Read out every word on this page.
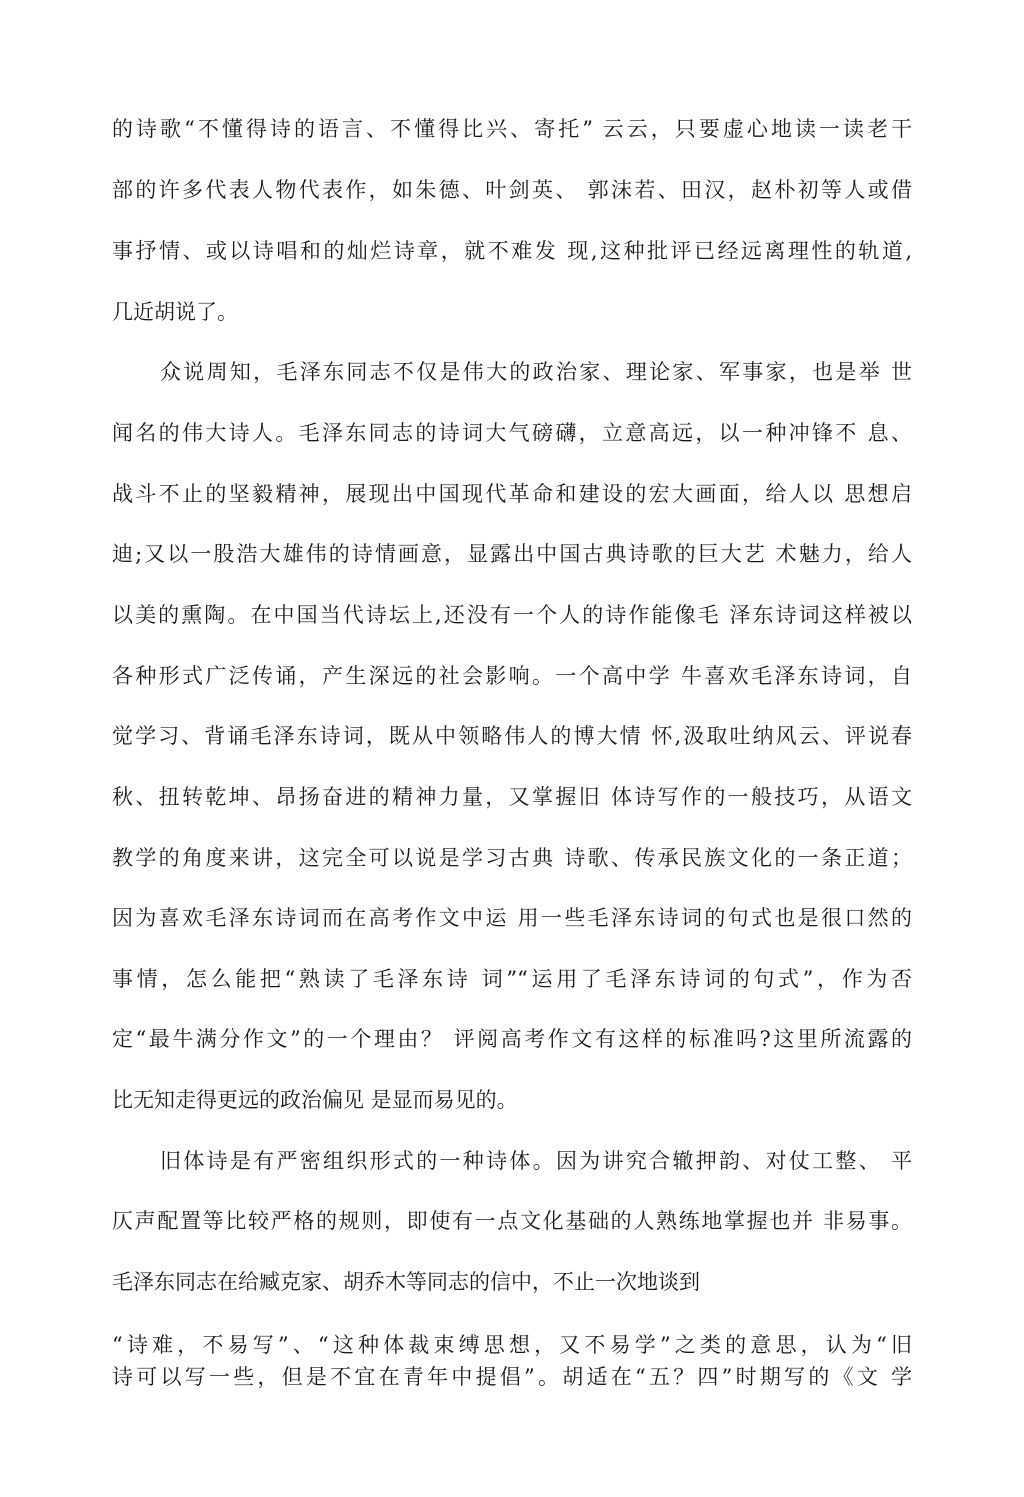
的诗歌“不懂得诗的语言、不懂得比兴、寄托” 云云，只要虚心地读一读老干
部的许多代表人物代表作，如朱德、叶剑英、 郭沫若、田汉，赵朴初等人或借
事抒情、或以诗唱和的灿烂诗章，就不难发 现,这种批评已经远离理性的轨道,
几近胡说了。
众说周知，毛泽东同志不仅是伟大的政治家、理论家、军事家，也是举 世
闻名的伟大诗人。毛泽东同志的诗词大气磅礴，立意高远，以一种冲锋不 息、
战斗不止的坚毅精神，展现出中国现代革命和建设的宏大画面，给人以 思想启
迪;又以一股浩大雄伟的诗情画意，显露出中国古典诗歌的巨大艺 术魅力，给人
以美的熏陶。在中国当代诗坛上,还没有一个人的诗作能像毛 泽东诗词这样被以
各种形式广泛传诵，产生深远的社会影响。一个高中学 牛喜欢毛泽东诗词，自
觉学习、背诵毛泽东诗词，既从中领略伟人的博大情 怀,汲取吐纳风云、评说春
秋、扭转乾坤、昂扬奋进的精神力量，又掌握旧 体诗写作的一般技巧，从语文
教学的角度来讲，这完全可以说是学习古典 诗歌、传承民族文化的一条正道；
因为喜欢毛泽东诗词而在高考作文中运 用一些毛泽东诗词的句式也是很口然的
事情，怎么能把“熟读了毛泽东诗 词”“运用了毛泽东诗词的句式”，作为否
定“最牛满分作文”的一个理由？ 评阅高考作文有这样的标准吗?这里所流露的
比无知走得更远的政治偏见 是显而易见的。
旧体诗是有严密组织形式的一种诗体。因为讲究合辙押韵、对仗工整、 平
仄声配置等比较严格的规则，即使有一点文化基础的人熟练地掌握也并 非易事。
毛泽东同志在给臧克家、胡乔木等同志的信中，不止一次地谈到
“诗难，不易写”、“这种体裁束缚思想，又不易学”之类的意思，认为“旧
诗可以写一些，但是不宜在青年中提倡”。胡适在“五？四”时期写的《文 学
